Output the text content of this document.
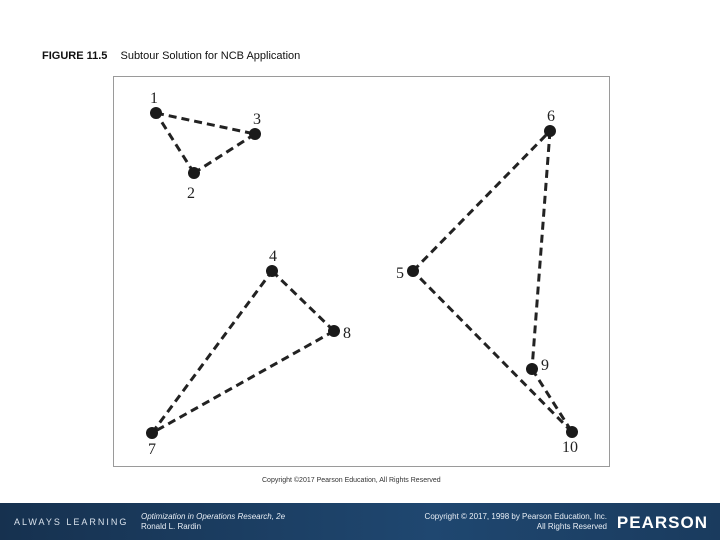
FIGURE 11.5 Subtour Solution for NCB Application
1
2
3
4
5
6
7
8
9
10
Copyright ©2017 Pearson Education, All Rights Reserved
ALWAYS LEARNING
Optimization in Operations Research, 2e
Ronald L. Rardin
Copyright © 2017, 1998 by Pearson Education, Inc.
All Rights Reserved PEARSON
